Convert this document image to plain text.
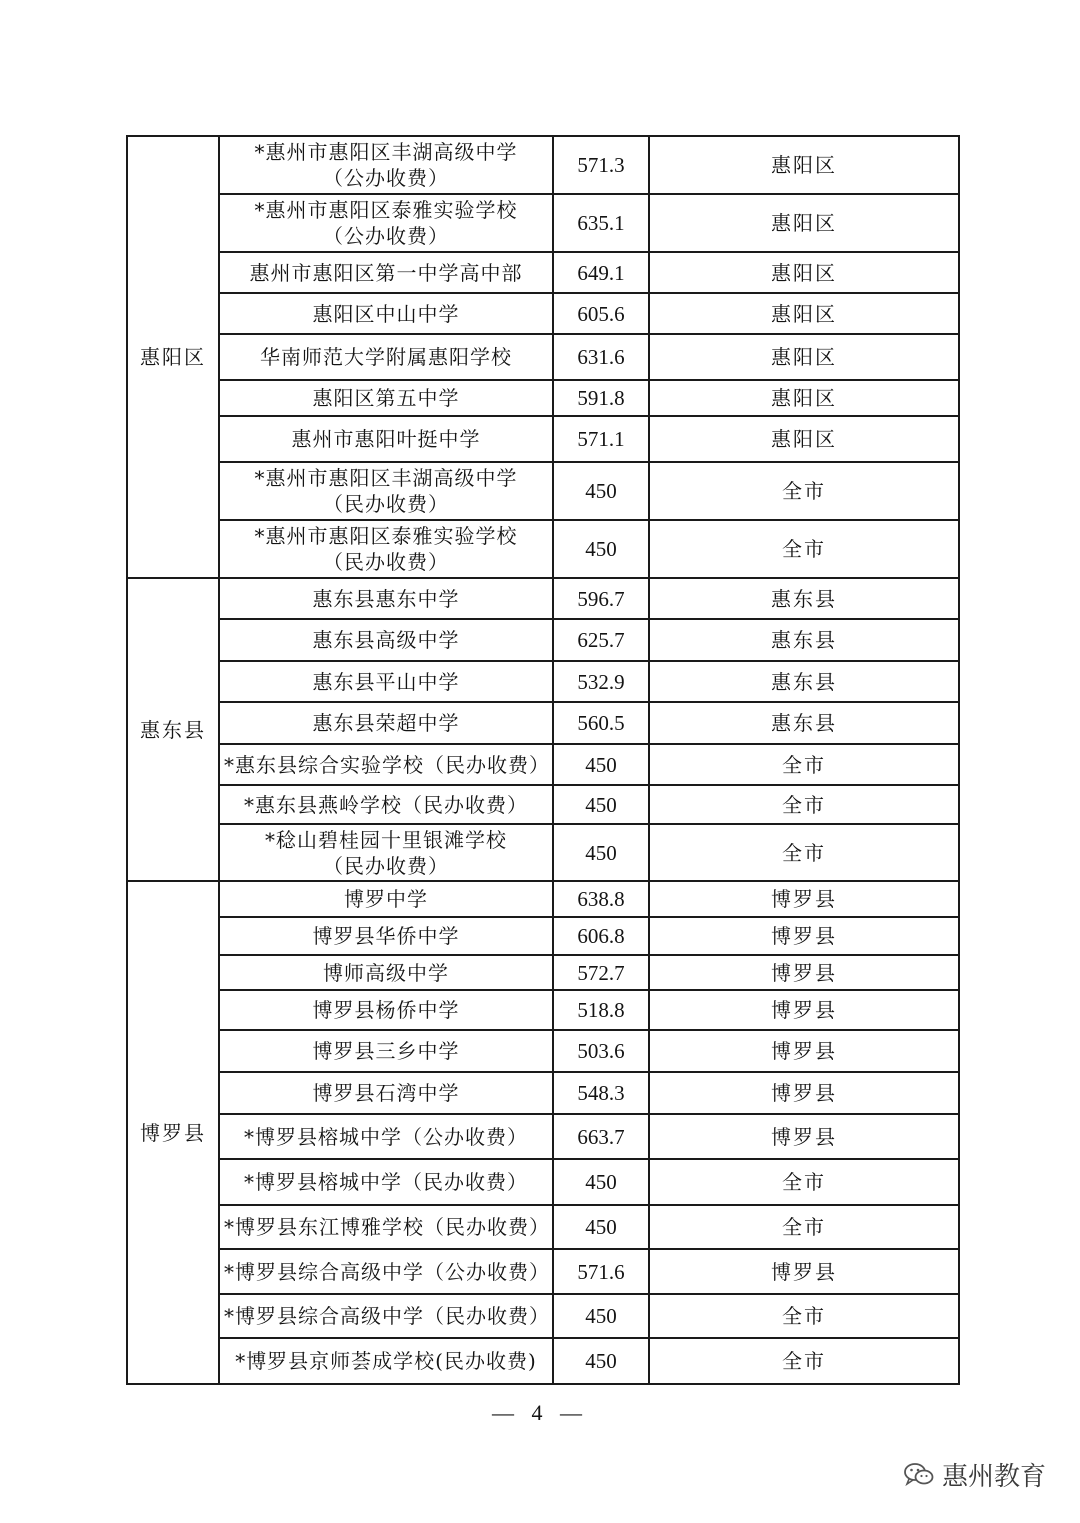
惠阳区	*惠州市惠阳区丰湖高级中学
（公办收费）	571.3	惠阳区

	*惠州市惠阳区泰雅实验学校
（公办收费）	635.1	惠阳区

	惠州市惠阳区第一中学高中部	649.1	惠阳区

	惠阳区中山中学	605.6	惠阳区

	华南师范大学附属惠阳学校	631.6	惠阳区

	惠阳区第五中学	591.8	惠阳区

	惠州市惠阳叶挺中学	571.1	惠阳区

	*惠州市惠阳区丰湖高级中学
（民办收费）	450	全市

	*惠州市惠阳区泰雅实验学校
（民办收费）	450	全市
惠东县	惠东县惠东中学	596.7	惠东县

	惠东县高级中学	625.7	惠东县

	惠东县平山中学	532.9	惠东县

	惠东县荣超中学	560.5	惠东县

	*惠东县综合实验学校（民办收费）	450	全市

	*惠东县燕岭学校（民办收费）	450	全市

	*稔山碧桂园十里银滩学校
（民办收费）	450	全市
博罗县	博罗中学	638.8	博罗县

	博罗县华侨中学	606.8	博罗县

	博师高级中学	572.7	博罗县

	博罗县杨侨中学	518.8	博罗县

	博罗县三乡中学	503.6	博罗县

	博罗县石湾中学	548.3	博罗县

	*博罗县榕城中学（公办收费）	663.7	博罗县

	*博罗县榕城中学（民办收费）	450	全市

	*博罗县东江博雅学校（民办收费）	450	全市

	*博罗县综合高级中学（公办收费）	571.6	博罗县

	*博罗县综合高级中学（民办收费）	450	全市

	*博罗县京师荟成学校(民办收费)	450	全市
— 4 —
惠州教育
